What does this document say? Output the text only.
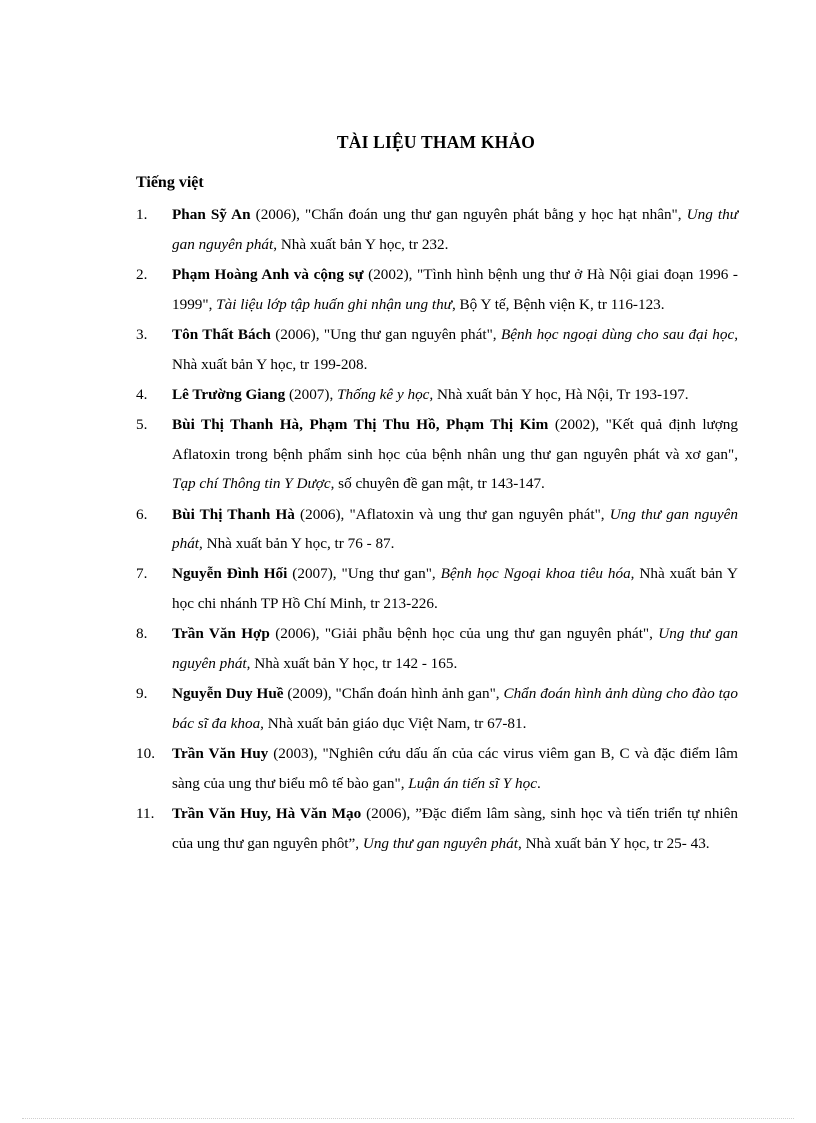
TÀI LIỆU THAM KHẢO
Tiếng việt
1. Phan Sỹ An (2006), "Chẩn đoán ung thư gan nguyên phát bằng y học hạt nhân", Ung thư gan nguyên phát, Nhà xuất bản Y học, tr 232.
2. Phạm Hoàng Anh và cộng sự (2002), "Tình hình bệnh ung thư ở Hà Nội giai đoạn 1996 - 1999", Tài liệu lớp tập huấn ghi nhận ung thư, Bộ Y tế, Bệnh viện K, tr 116-123.
3. Tôn Thất Bách (2006), "Ung thư gan nguyên phát", Bệnh học ngoại dùng cho sau đại học, Nhà xuất bản Y học, tr 199-208.
4. Lê Trường Giang (2007), Thống kê y học, Nhà xuất bản Y học, Hà Nội, Tr 193-197.
5. Bùi Thị Thanh Hà, Phạm Thị Thu Hồ, Phạm Thị Kim (2002), "Kết quả định lượng Aflatoxin trong bệnh phẩm sinh học của bệnh nhân ung thư gan nguyên phát và xơ gan", Tạp chí Thông tin Y Dược, số chuyên đề gan mật, tr 143-147.
6. Bùi Thị Thanh Hà (2006), "Aflatoxin và ung thư gan nguyên phát", Ung thư gan nguyên phát, Nhà xuất bản Y học, tr 76 - 87.
7. Nguyễn Đình Hối (2007), "Ung thư gan", Bệnh học Ngoại khoa tiêu hóa, Nhà xuất bản Y học chi nhánh TP Hồ Chí Minh, tr 213-226.
8. Trần Văn Hợp (2006), "Giải phẫu bệnh học của ung thư gan nguyên phát", Ung thư gan nguyên phát, Nhà xuất bản Y học, tr 142 - 165.
9. Nguyễn Duy Huề (2009), "Chẩn đoán hình ảnh gan", Chẩn đoán hình ảnh dùng cho đào tạo bác sĩ đa khoa, Nhà xuất bản giáo dục Việt Nam, tr 67-81.
10. Trần Văn Huy (2003), "Nghiên cứu dấu ấn của các virus viêm gan B, C và đặc điểm lâm sàng của ung thư biểu mô tế bào gan", Luận án tiến sĩ Y học.
11. Trần Văn Huy, Hà Văn Mạo (2006), ”Đặc điểm lâm sàng, sinh học và tiến triển tự nhiên của ung thư gan nguyên phôt”, Ung thư gan nguyên phát, Nhà xuất bản Y học, tr 25- 43.
